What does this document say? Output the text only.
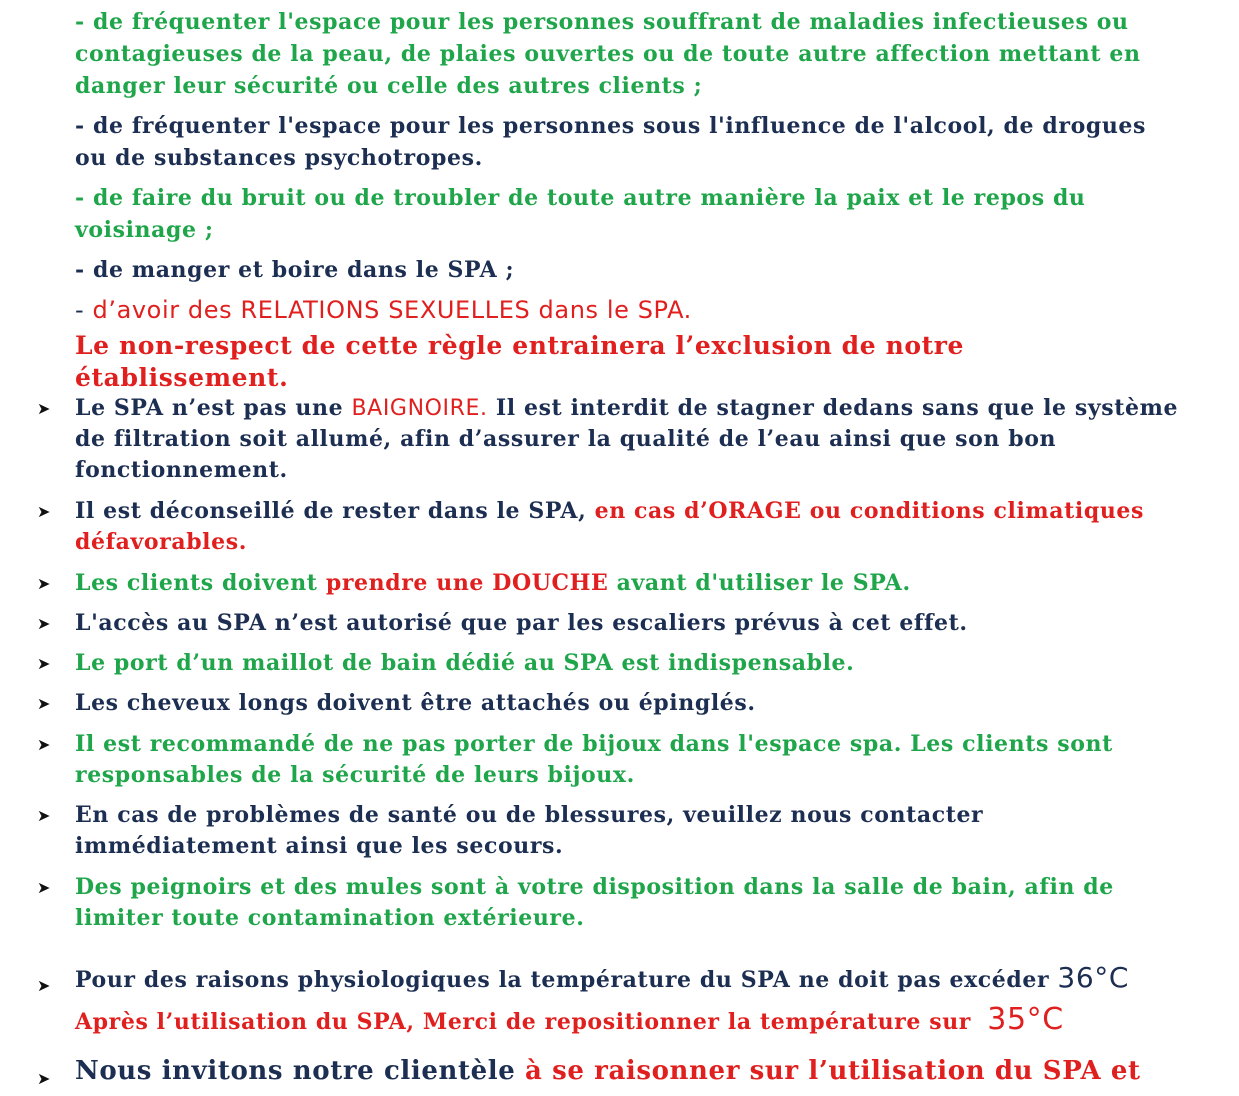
- de fréquenter l'espace pour les personnes souffrant de maladies infectieuses ou contagieuses de la peau, de plaies ouvertes ou de toute autre affection mettant en danger leur sécurité ou celle des autres clients ;
- de fréquenter l'espace pour les personnes sous l'influence de l'alcool, de drogues ou de substances psychotropes.
- de faire du bruit ou de troubler de toute autre manière la paix et le repos du voisinage ;
- de manger et boire dans le SPA ;
- d’avoir des RELATIONS SEXUELLES dans le SPA.
Le non-respect de cette règle entrainera l’exclusion de notre établissement.
➤ Le SPA n’est pas une BAIGNOIRE. Il est interdit de stagner dedans sans que le système de filtration soit allumé, afin d’assurer la qualité de l’eau ainsi que son bon fonctionnement.
➤ Il est déconseillé de rester dans le SPA, en cas d’ORAGE ou conditions climatiques défavorables.
➤ Les clients doivent prendre une DOUCHE avant d'utiliser le SPA.
➤ L'accès au SPA n’est autorisé que par les escaliers prévus à cet effet.
➤ Le port d’un maillot de bain dédié au SPA est indispensable.
➤ Les cheveux longs doivent être attachés ou épinglés.
➤ Il est recommandé de ne pas porter de bijoux dans l'espace spa. Les clients sont responsables de la sécurité de leurs bijoux.
➤ En cas de problèmes de santé ou de blessures, veuillez nous contacter immédiatement ainsi que les secours.
➤ Des peignoirs et des mules sont à votre disposition dans la salle de bain, afin de limiter toute contamination extérieure.
➤ Pour des raisons physiologiques la température du SPA ne doit pas excéder 36°C
Après l’utilisation du SPA, Merci de repositionner la température sur 35°C
➤ Nous invitons notre clientèle à se raisonner sur l’utilisation du SPA et
